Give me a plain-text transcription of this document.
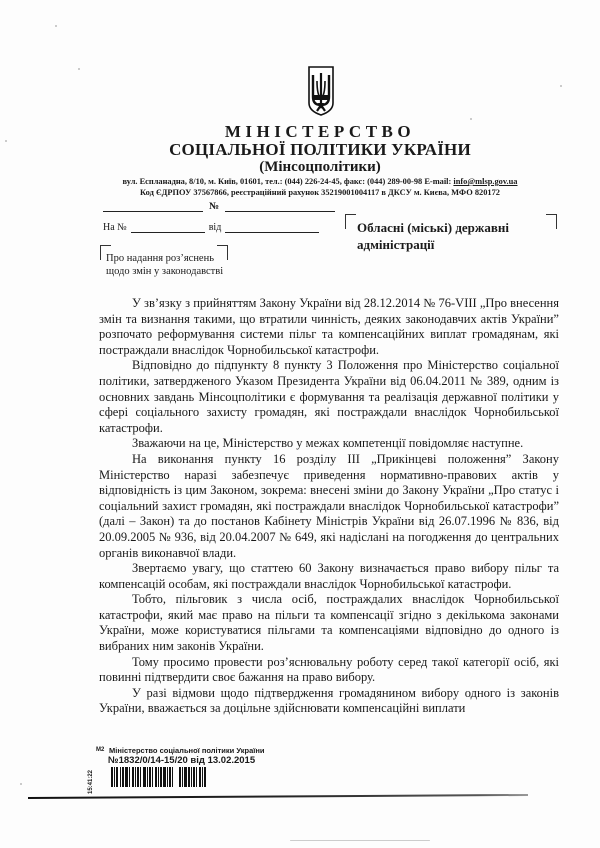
МІНІСТЕРСТВО
СОЦІАЛЬНОЇ ПОЛІТИКИ УКРАЇНИ
(Мінсоцполітики)
вул. Еспланадна, 8/10, м. Київ, 01601, тел.: (044) 226-24-45, факс: (044) 289-00-98 E-mail: info@mlsp.gov.ua
Код ЄДРПОУ 37567866, реєстраційний рахунок 35219001004117 в ДКСУ м. Києва, МФО 820172
№
На №	від
Про надання роз’яснень щодо змін у законодавстві
Обласні (міські) державні адміністрації

У зв’язку з прийняттям Закону України від 28.12.2014 № 76-VIII „Про внесення змін та визнання такими, що втратили чинність, деяких законодавчих актів України” розпочато реформування системи пільг та компенсаційних виплат громадянам, які постраждали внаслідок Чорнобильської катастрофи.

Відповідно до підпункту 8 пункту 3 Положення про Міністерство соціальної політики, затвердженого Указом Президента України від 06.04.2011 № 389, одним із основних завдань Мінсоцполітики є формування та реалізація державної політики у сфері соціального захисту громадян, які постраждали внаслідок Чорнобильської катастрофи.

Зважаючи на це, Міністерство у межах компетенції повідомляє наступне.

На виконання пункту 16 розділу III „Прикінцеві положення” Закону Міністерство наразі забезпечує приведення нормативно-правових актів у відповідність із цим Законом, зокрема: внесені зміни до Закону України „Про статус і соціальний захист громадян, які постраждали внаслідок Чорнобильської катастрофи” (далі – Закон) та до постанов Кабінету Міністрів України від 26.07.1996 № 836, від 20.09.2005 № 936, від 20.04.2007 № 649, які надіслані на погодження до центральних органів виконавчої влади.

Звертаємо увагу, що статтею 60 Закону визначається право вибору пільг та компенсацій особам, які постраждали внаслідок Чорнобильської катастрофи.

Тобто, пільговик з числа осіб, постраждалих внаслідок Чорнобильської катастрофи, який має право на пільги та компенсації згідно з декількома законами України, може користуватися пільгами та компенсаціями відповідно до одного із вибраних ним законів України.

Тому просимо провести роз’яснювальну роботу серед такої категорії осіб, які повинні підтвердити своє бажання на право вибору.

У разі відмови щодо підтвердження громадянином вибору одного із законів України, вважається за доцільне здійснювати компенсаційні виплати

M2
15:41:22
Міністерство соціальної політики України
№1832/0/14-15/20 від 13.02.2015
